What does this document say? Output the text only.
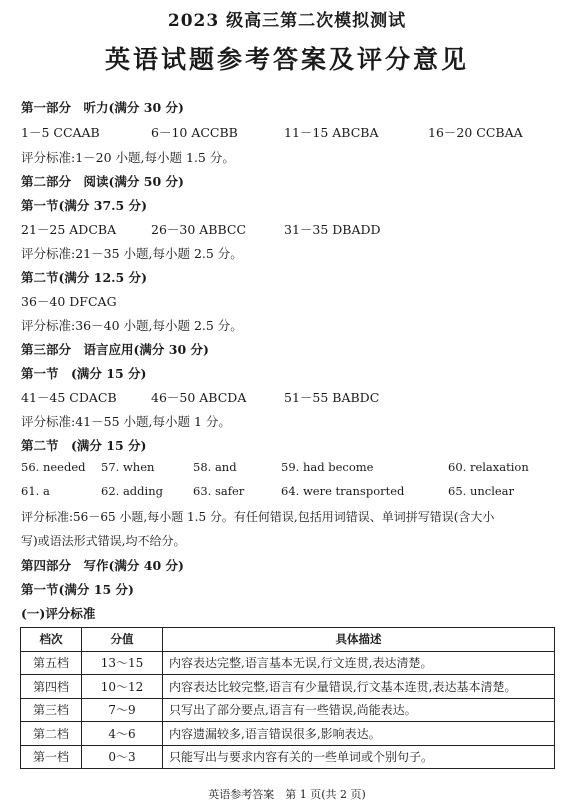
2023 级高三第二次模拟测试
英语试题参考答案及评分意见
第一部分　听力(满分 30 分)
1－5 CCAAB	6－10 ACCBB	11－15 ABCBA	16－20 CCBAA
评分标准:1－20 小题,每小题 1.5 分。
第二部分　阅读(满分 50 分)
第一节(满分 37.5 分)
21－25 ADCBA	26－30 ABBCC	31－35 DBADD
评分标准:21－35 小题,每小题 2.5 分。
第二节(满分 12.5 分)
36－40 DFCAG
评分标准:36－40 小题,每小题 2.5 分。
第三部分　语言应用(满分 30 分)
第一节　(满分 15 分)
41－45 CDACB	46－50 ABCDA	51－55 BABDC
评分标准:41－55 小题,每小题 1 分。
第二节　(满分 15 分)
56. needed 57. when	58. and	59. had become	60. relaxation
61. a	62. adding	63. safer	64. were transported	65. unclear
评分标准:56－65 小题,每小题 1.5 分。有任何错误,包括用词错误、单词拼写错误(含大小
写)或语法形式错误,均不给分。
第四部分　写作(满分 40 分)
第一节(满分 15 分)
(一)评分标准
档次	分值	具体描述
第五档	13～15	内容表达完整,语言基本无误,行文连贯,表达清楚。
第四档	10～12	内容表达比较完整,语言有少量错误,行文基本连贯,表达基本清楚。
第三档	7～9	只写出了部分要点,语言有一些错误,尚能表达。
第二档	4～6	内容遗漏较多,语言错误很多,影响表达。
第一档	0～3	只能写出与要求内容有关的一些单词或个别句子。
英语参考答案　第 1 页(共 2 页)
